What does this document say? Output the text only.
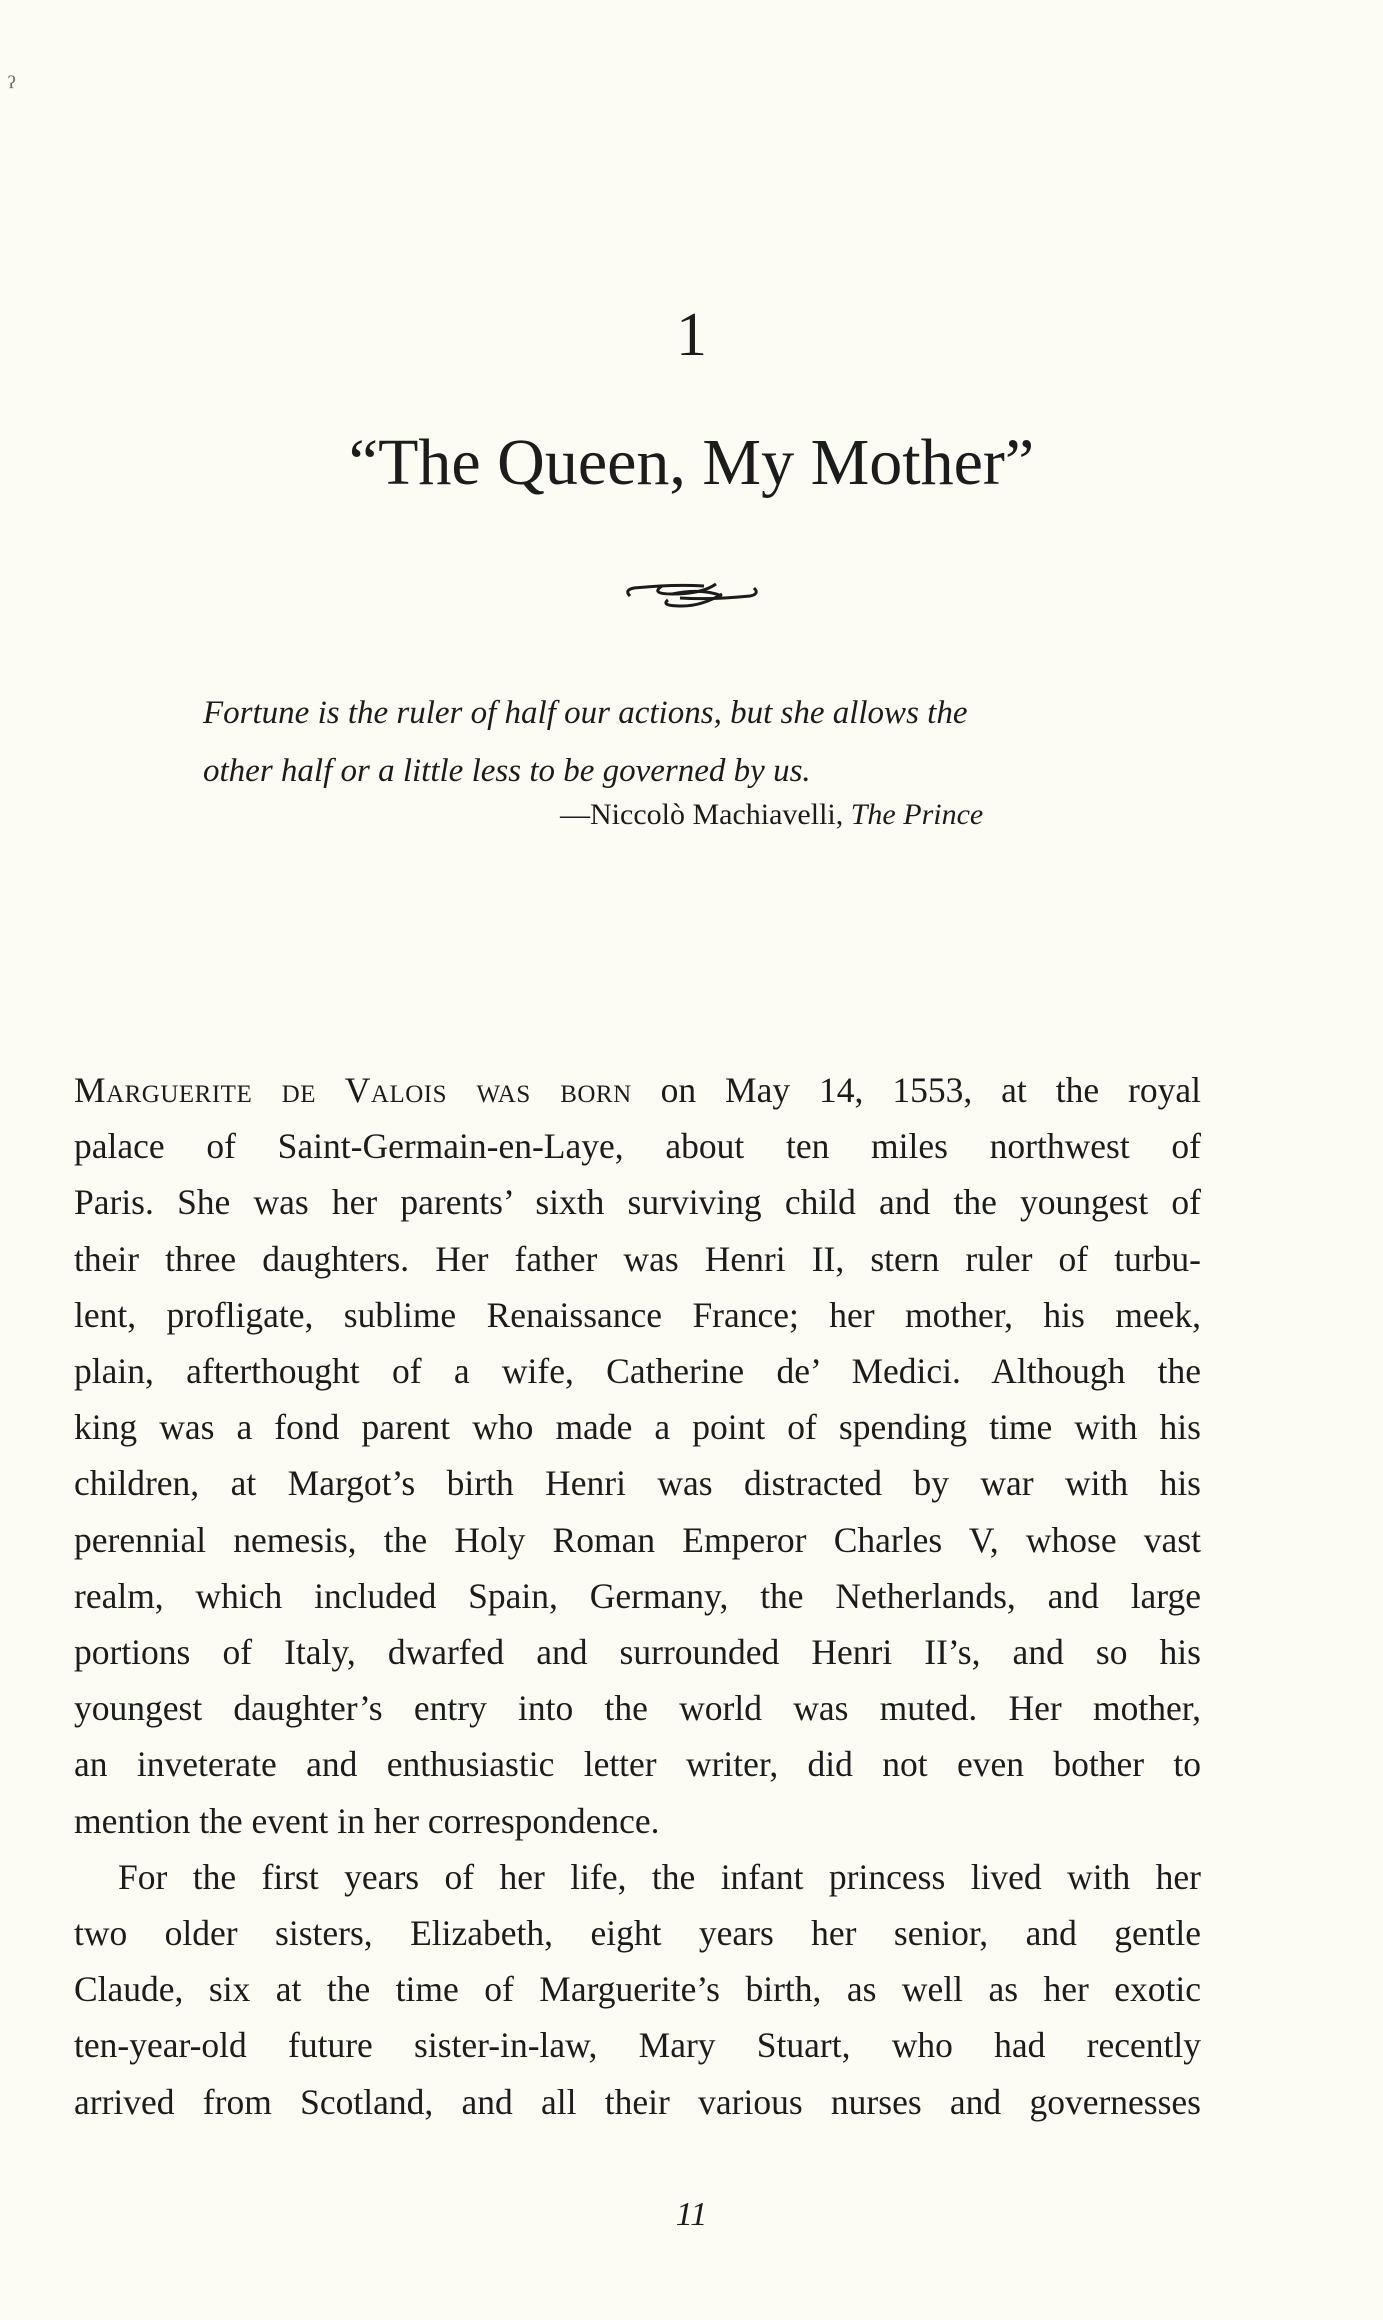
ˀ
1
“The Queen, My Mother”
Fortune is the ruler of half our actions, but she allows the
other half or a little less to be governed by us.
—Niccolò Machiavelli, The Prince
Marguerite de Valois was born on May 14, 1553, at the royal
palace of Saint-Germain-en-Laye, about ten miles northwest of
Paris. She was her parents’ sixth surviving child and the youngest of
their three daughters. Her father was Henri II, stern ruler of turbu-
lent, profligate, sublime Renaissance France; her mother, his meek,
plain, afterthought of a wife, Catherine de’ Medici. Although the
king was a fond parent who made a point of spending time with his
children, at Margot’s birth Henri was distracted by war with his
perennial nemesis, the Holy Roman Emperor Charles V, whose vast
realm, which included Spain, Germany, the Netherlands, and large
portions of Italy, dwarfed and surrounded Henri II’s, and so his
youngest daughter’s entry into the world was muted. Her mother,
an inveterate and enthusiastic letter writer, did not even bother to
mention the event in her correspondence.
For the first years of her life, the infant princess lived with her
two older sisters, Elizabeth, eight years her senior, and gentle
Claude, six at the time of Marguerite’s birth, as well as her exotic
ten-year-old future sister-in-law, Mary Stuart, who had recently
arrived from Scotland, and all their various nurses and governesses
11
